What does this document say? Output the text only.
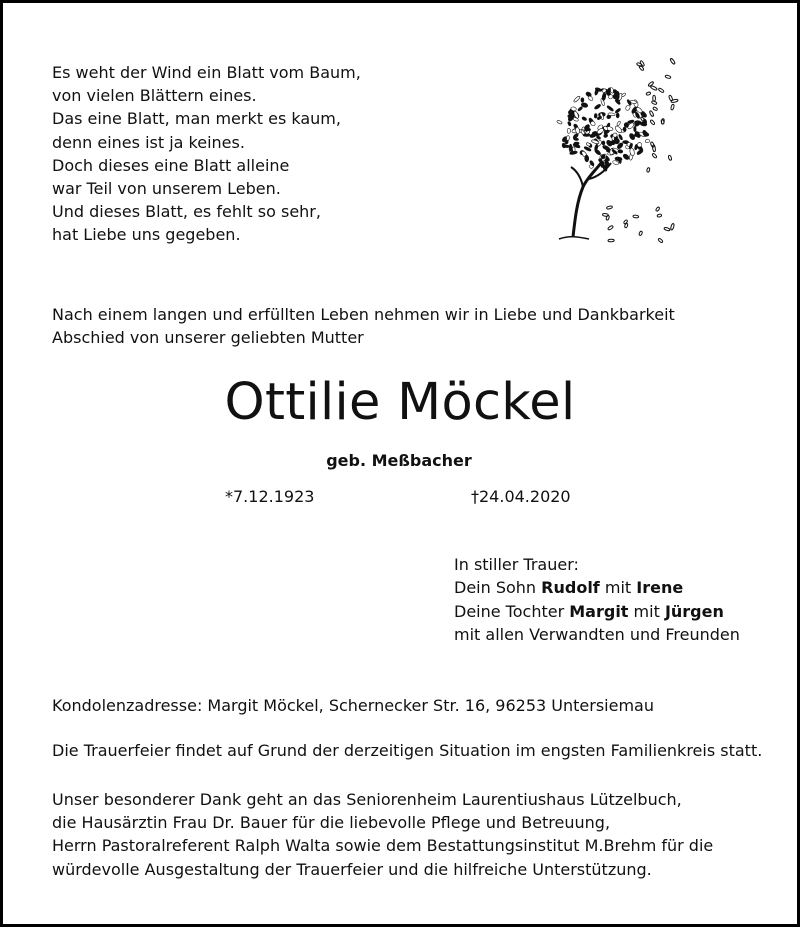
Es weht der Wind ein Blatt vom Baum,
von vielen Blättern eines.
Das eine Blatt, man merkt es kaum,
denn eines ist ja keines.
Doch dieses eine Blatt alleine
war Teil von unserem Leben.
Und dieses Blatt, es fehlt so sehr,
hat Liebe uns gegeben.
Nach einem langen und erfüllten Leben nehmen wir in Liebe und Dankbarkeit
Abschied von unserer geliebten Mutter
Ottilie Möckel
geb. Meßbacher
*7.12.1923	†24.04.2020
In stiller Trauer:
Dein Sohn Rudolf mit Irene
Deine Tochter Margit mit Jürgen
mit allen Verwandten und Freunden
Kondolenzadresse: Margit Möckel, Schernecker Str. 16, 96253 Untersiemau
Die Trauerfeier findet auf Grund der derzeitigen Situation im engsten Familienkreis statt.
Unser besonderer Dank geht an das Seniorenheim Laurentiushaus Lützelbuch,
die Hausärztin Frau Dr. Bauer für die liebevolle Pflege und Betreuung,
Herrn Pastoralreferent Ralph Walta sowie dem Bestattungsinstitut M.Brehm für die
würdevolle Ausgestaltung der Trauerfeier und die hilfreiche Unterstützung.
